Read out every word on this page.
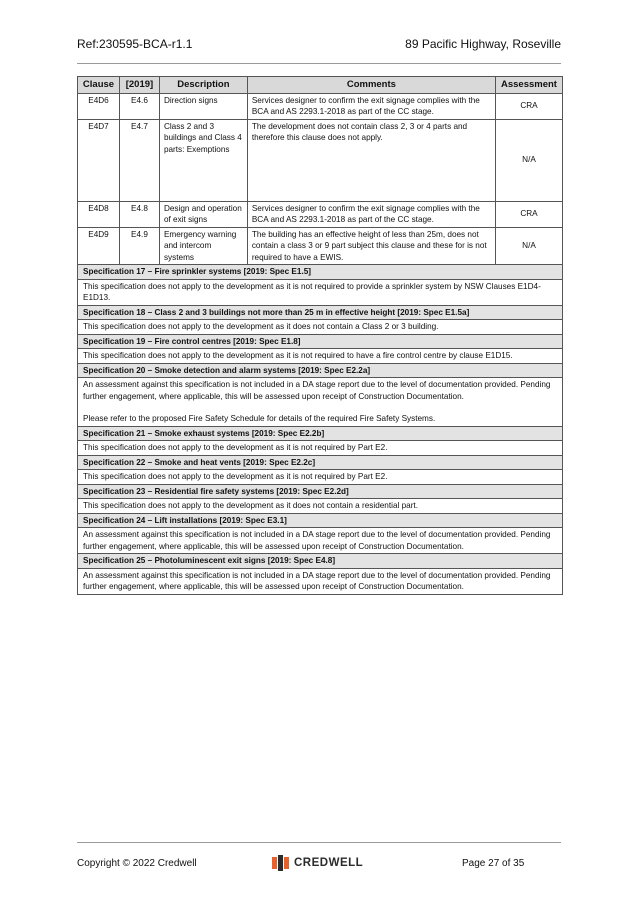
Ref:230595-BCA-r1.1	89 Pacific Highway, Roseville
Clause	[2019]	Description	Comments	Assessment
E4D6	E4.6	Direction signs	Services designer to confirm the exit signage complies with the BCA and AS 2293.1-2018 as part of the CC stage.	CRA
E4D7	E4.7	Class 2 and 3 buildings and Class 4 parts: Exemptions	The development does not contain class 2, 3 or 4 parts and therefore this clause does not apply.	N/A
E4D8	E4.8	Design and operation of exit signs	Services designer to confirm the exit signage complies with the BCA and AS 2293.1-2018 as part of the CC stage.	CRA
E4D9	E4.9	Emergency warning and intercom systems	The building has an effective height of less than 25m, does not contain a class 3 or 9 part subject this clause and these for is not required to have a EWIS.	N/A
Specification 17 – Fire sprinkler systems [2019: Spec E1.5]				
This specification does not apply to the development as it is not required to provide a sprinkler system by NSW Clauses E1D4-E1D13.				
Specification 18 – Class 2 and 3 buildings not more than 25 m in effective height [2019: Spec E1.5a]				
This specification does not apply to the development as it does not contain a Class 2 or 3 building.				
Specification 19 – Fire control centres [2019: Spec E1.8]				
This specification does not apply to the development as it is not required to have a fire control centre by clause E1D15.				
Specification 20 – Smoke detection and alarm systems [2019: Spec E2.2a]				

An assessment against this specification is not included in a DA stage report due to the level of documentation provided. Pending further engagement, where applicable, this will be assessed upon receipt of Construction Documentation.
Please refer to the proposed Fire Safety Schedule for details of the required Fire Safety Systems.				

Specification 21 – Smoke exhaust systems [2019: Spec E2.2b]				
This specification does not apply to the development as it is not required by Part E2.				
Specification 22 – Smoke and heat vents [2019: Spec E2.2c]				
This specification does not apply to the development as it is not required by Part E2.				
Specification 23 – Residential fire safety systems [2019: Spec E2.2d]				
This specification does not apply to the development as it does not contain a residential part.				
Specification 24 – Lift installations [2019: Spec E3.1]				
An assessment against this specification is not included in a DA stage report due to the level of documentation provided. Pending further engagement, where applicable, this will be assessed upon receipt of Construction Documentation.				
Specification 25 – Photoluminescent exit signs [2019: Spec E4.8]				
An assessment against this specification is not included in a DA stage report due to the level of documentation provided. Pending further engagement, where applicable, this will be assessed upon receipt of Construction Documentation.				
Copyright © 2022 Credwell	CREDWELL	Page 27 of 35
